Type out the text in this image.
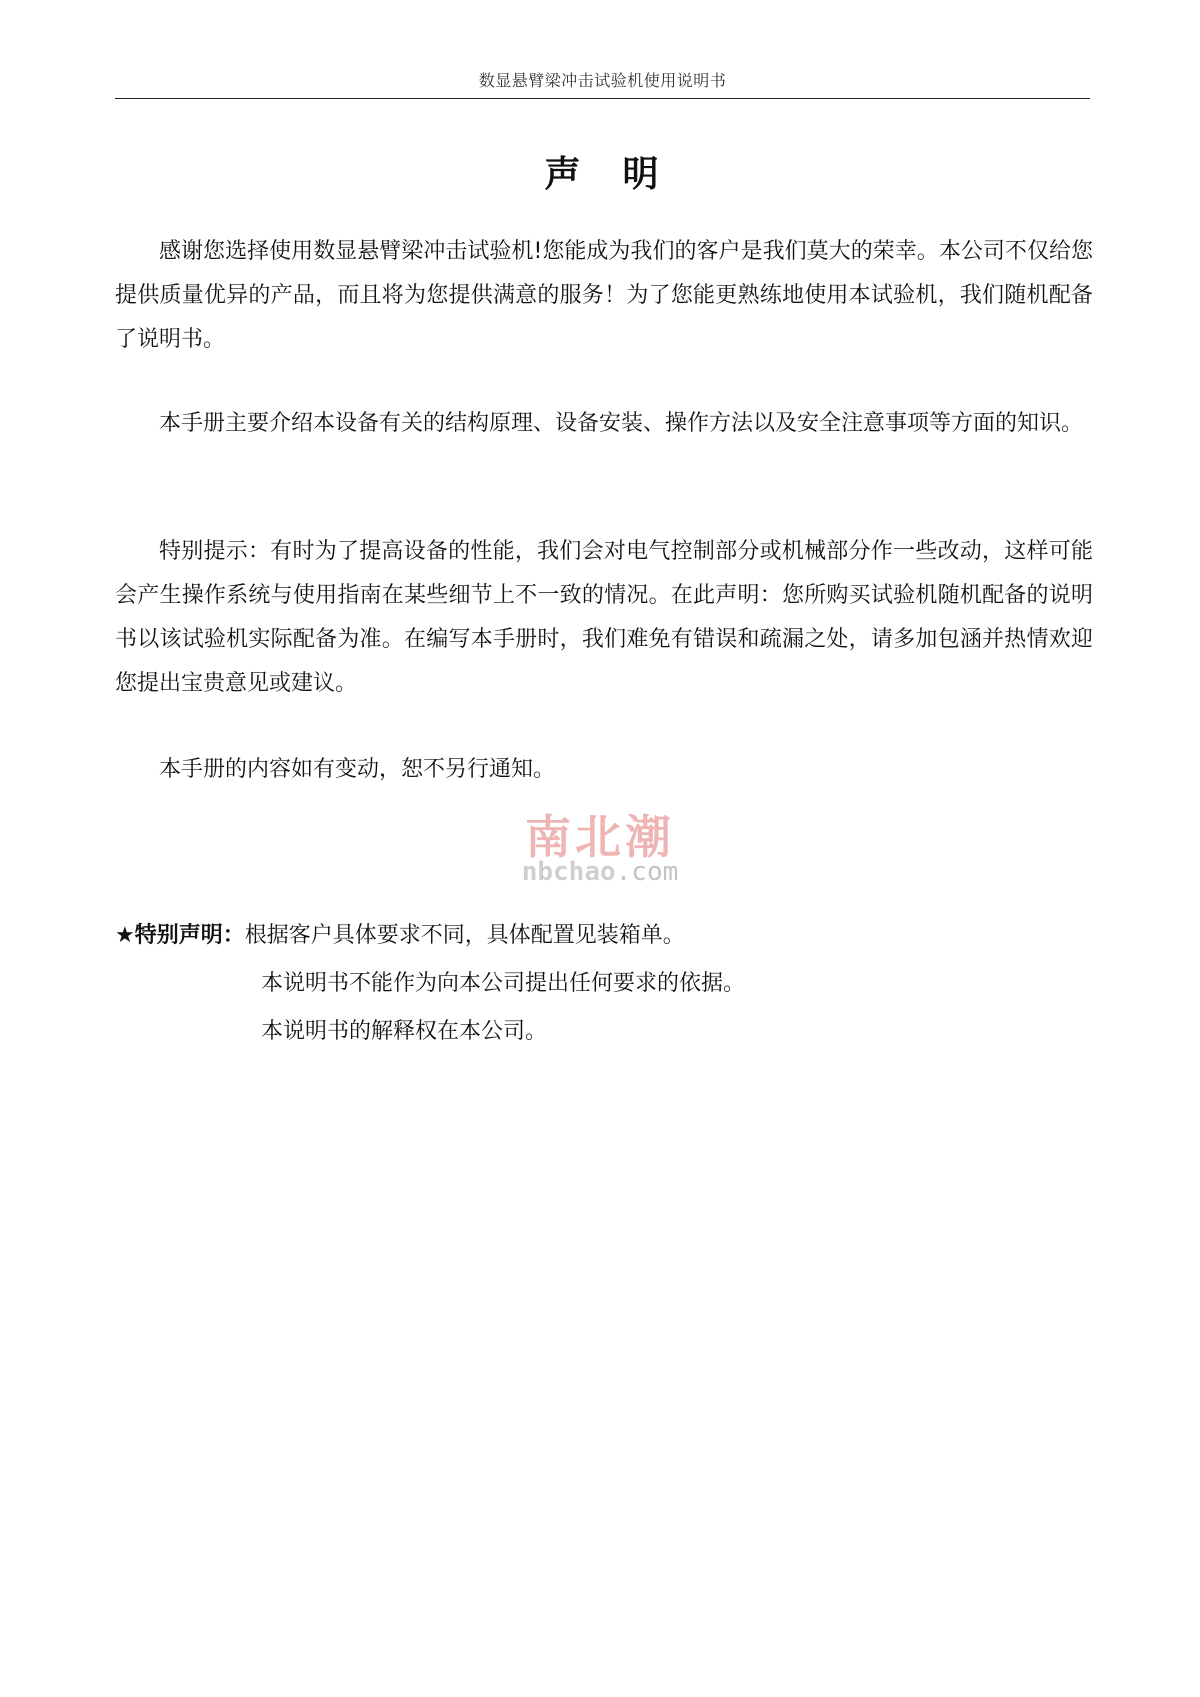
数显悬臂梁冲击试验机使用说明书
声 明

感谢您选择使用数显悬臂梁冲击试验机!您能成为我们的客户是我们莫大的荣幸。本公司不仅给您提供质量优异的产品，而且将为您提供满意的服务！为了您能更熟练地使用本试验机，我们随机配备了说明书。

本手册主要介绍本设备有关的结构原理、设备安装、操作方法以及安全注意事项等方面的知识。

特别提示：有时为了提高设备的性能，我们会对电气控制部分或机械部分作一些改动，这样可能会产生操作系统与使用指南在某些细节上不一致的情况。在此声明：您所购买试验机随机配备的说明书以该试验机实际配备为准。在编写本手册时，我们难免有错误和疏漏之处，请多加包涵并热情欢迎您提出宝贵意见或建议。

本手册的内容如有变动，恕不另行通知。

南北潮
nbchao.com
★特别声明：根据客户具体要求不同，具体配置见装箱单。
本说明书不能作为向本公司提出任何要求的依据。
本说明书的解释权在本公司。
